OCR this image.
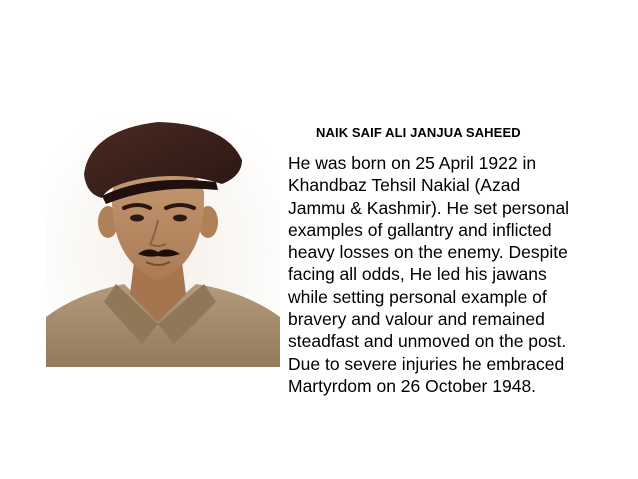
NAIK SAIF ALI JANJUA SAHEED

He was born on 25 April 1922 in
Khandbaz Tehsil Nakial (Azad
Jammu & Kashmir). He set personal
examples of gallantry and inflicted
heavy losses on the enemy. Despite
facing all odds, He led his jawans
while setting personal example of
bravery and valour and remained
steadfast and unmoved on the post.
Due to severe injuries he embraced
Martyrdom on 26 October 1948.
